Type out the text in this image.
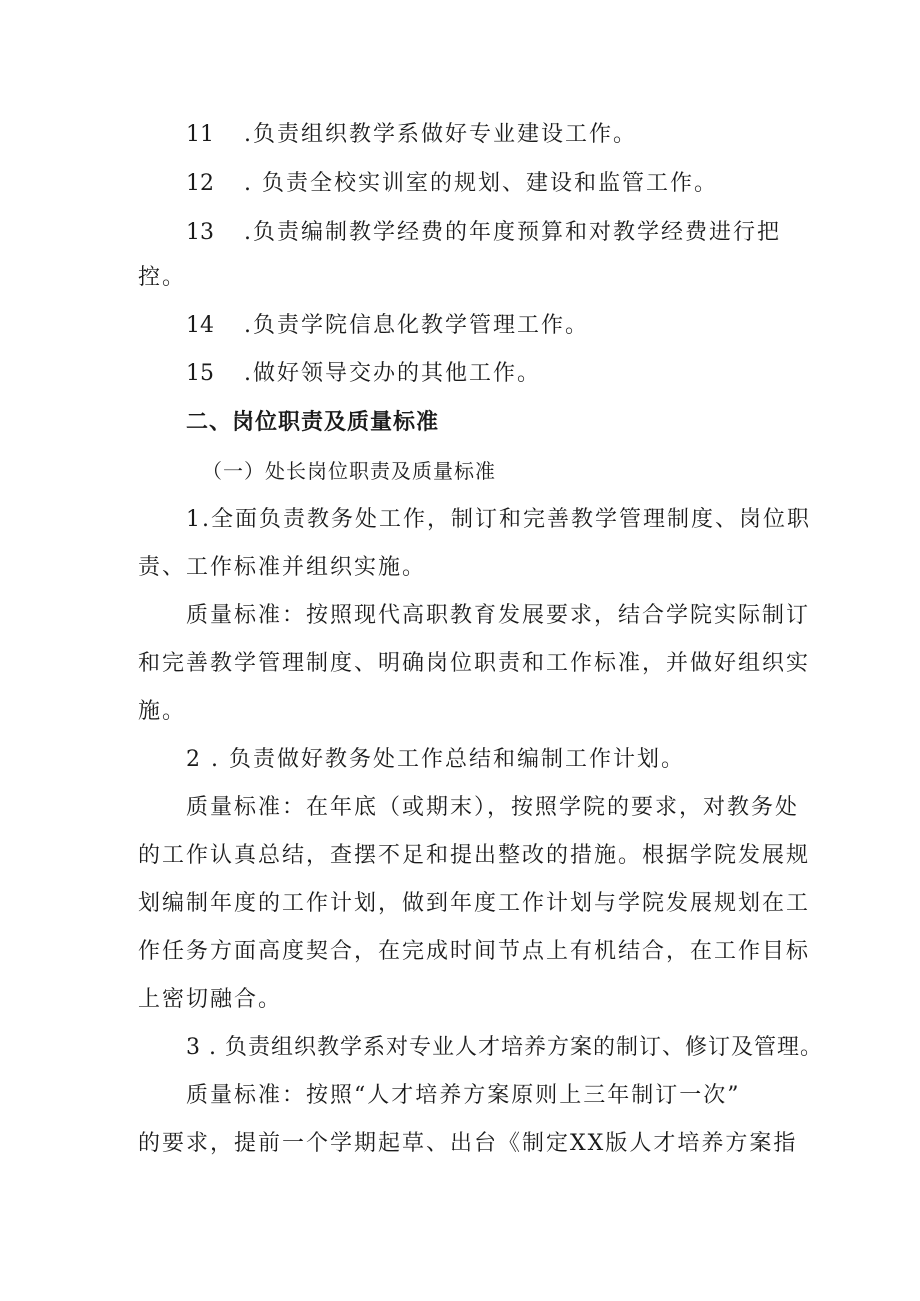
11 .负责组织教学系做好专业建设工作。
12 . 负责全校实训室的规划、建设和监管工作。
13 .负责编制教学经费的年度预算和对教学经费进行把
控。
14 .负责学院信息化教学管理工作。
15 .做好领导交办的其他工作。
二、岗位职责及质量标准
（一）处长岗位职责及质量标准
1.全面负责教务处工作，制订和完善教学管理制度、岗位职
责、工作标准并组织实施。
质量标准：按照现代高职教育发展要求，结合学院实际制订
和完善教学管理制度、明确岗位职责和工作标准，并做好组织实
施。
2 . 负责做好教务处工作总结和编制工作计划。
质量标准：在年底（或期末），按照学院的要求，对教务处
的工作认真总结，查摆不足和提出整改的措施。根据学院发展规
划编制年度的工作计划，做到年度工作计划与学院发展规划在工
作任务方面高度契合，在完成时间节点上有机结合，在工作目标
上密切融合。
3 . 负责组织教学系对专业人才培养方案的制订、修订及管理。
质量标准：按照“人才培养方案原则上三年制订一次”
的要求，提前一个学期起草、出台《制定XX版人才培养方案指
